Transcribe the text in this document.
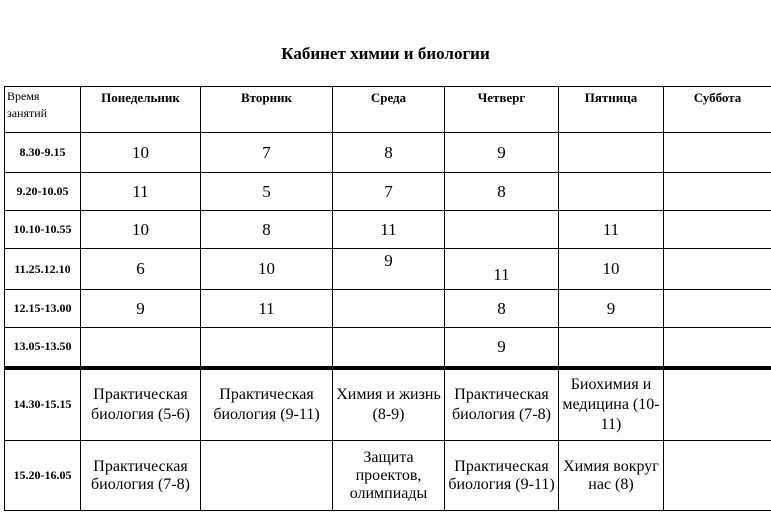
Кабинет химии и биологии
Время занятий	Понедельник	Вторник	Среда	Четверг	Пятница	Суббота
8.30-9.15	10	7	8	9		
9.20-10.05	11	5	7	8		
10.10-10.55	10	8	11		11	
11.25.12.10	6	10	9	11	10	
12.15-13.00	9	11		8	9	
13.05-13.50				9		
14.30-15.15	Практическая биология (5-6)	Практическая биология (9-11)	Химия и жизнь (8-9)	Практическая биология (7-8)	Биохимия и медицина (10-11)	
15.20-16.05	Практическая биология (7-8)		Защита проектов, олимпиады	Практическая биология (9-11)	Химия вокруг нас (8)	
